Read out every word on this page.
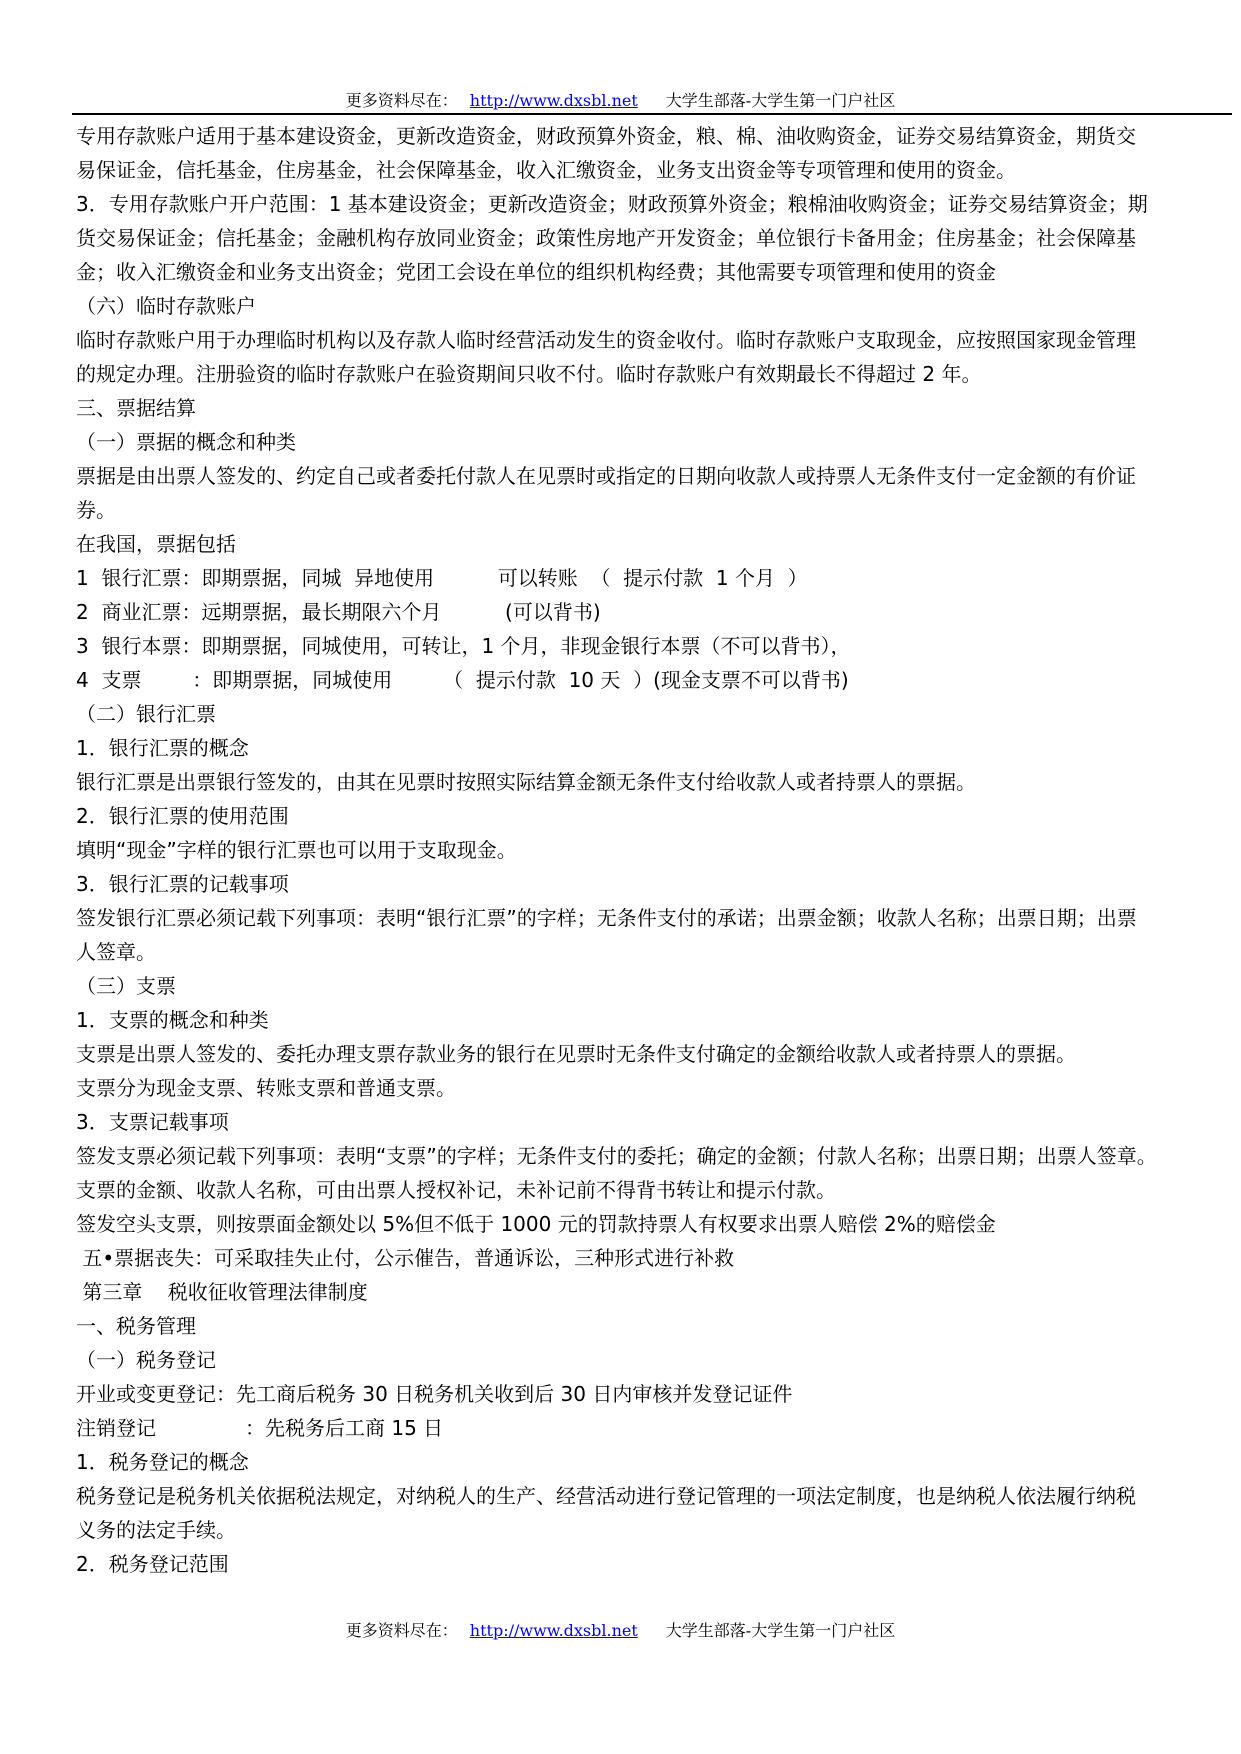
更多资料尽在： http://www.dxsbl.net 大学生部落-大学生第一门户社区
专用存款账户适用于基本建设资金，更新改造资金，财政预算外资金，粮、棉、油收购资金，证券交易结算资金，期货交
易保证金，信托基金，住房基金，社会保障基金，收入汇缴资金，业务支出资金等专项管理和使用的资金。
3．专用存款账户开户范围：1 基本建设资金；更新改造资金；财政预算外资金；粮棉油收购资金；证券交易结算资金；期
货交易保证金；信托基金；金融机构存放同业资金；政策性房地产开发资金；单位银行卡备用金；住房基金；社会保障基
金；收入汇缴资金和业务支出资金；党团工会设在单位的组织机构经费；其他需要专项管理和使用的资金
（六）临时存款账户
临时存款账户用于办理临时机构以及存款人临时经营活动发生的资金收付。临时存款账户支取现金，应按照国家现金管理
的规定办理。注册验资的临时存款账户在验资期间只收不付。临时存款账户有效期最长不得超过 2 年。
三、票据结算
（一）票据的概念和种类
票据是由出票人签发的、约定自己或者委托付款人在见票时或指定的日期向收款人或持票人无条件支付一定金额的有价证
券。
在我国，票据包括
1  银行汇票：即期票据，同城  异地使用          可以转账  （  提示付款  1 个月  ）
2  商业汇票：远期票据，最长期限六个月          (可以背书)
3  银行本票：即期票据，同城使用，可转让，1 个月，非现金银行本票（不可以背书），
4  支票        ：即期票据，同城使用        （  提示付款  10 天  ）(现金支票不可以背书)
（二）银行汇票
1．银行汇票的概念
银行汇票是出票银行签发的，由其在见票时按照实际结算金额无条件支付给收款人或者持票人的票据。
2．银行汇票的使用范围
填明“现金”字样的银行汇票也可以用于支取现金。
3．银行汇票的记载事项
签发银行汇票必须记载下列事项：表明“银行汇票”的字样；无条件支付的承诺；出票金额；收款人名称；出票日期；出票
人签章。
（三）支票
1．支票的概念和种类
支票是出票人签发的、委托办理支票存款业务的银行在见票时无条件支付确定的金额给收款人或者持票人的票据。
支票分为现金支票、转账支票和普通支票。
3．支票记载事项
签发支票必须记载下列事项：表明“支票”的字样；无条件支付的委托；确定的金额；付款人名称；出票日期；出票人签章。
支票的金额、收款人名称，可由出票人授权补记，未补记前不得背书转让和提示付款。
签发空头支票，则按票面金额处以 5%但不低于 1000 元的罚款持票人有权要求出票人赔偿 2%的赔偿金
五•票据丧失：可采取挂失止付，公示催告，普通诉讼，三种形式进行补救
第三章    税收征收管理法律制度
一、税务管理
（一）税务登记
开业或变更登记：先工商后税务 30 日税务机关收到后 30 日内审核并发登记证件
注销登记              ：先税务后工商 15 日
1．税务登记的概念
税务登记是税务机关依据税法规定，对纳税人的生产、经营活动进行登记管理的一项法定制度，也是纳税人依法履行纳税
义务的法定手续。
2．税务登记范围
更多资料尽在： http://www.dxsbl.net 大学生部落-大学生第一门户社区
